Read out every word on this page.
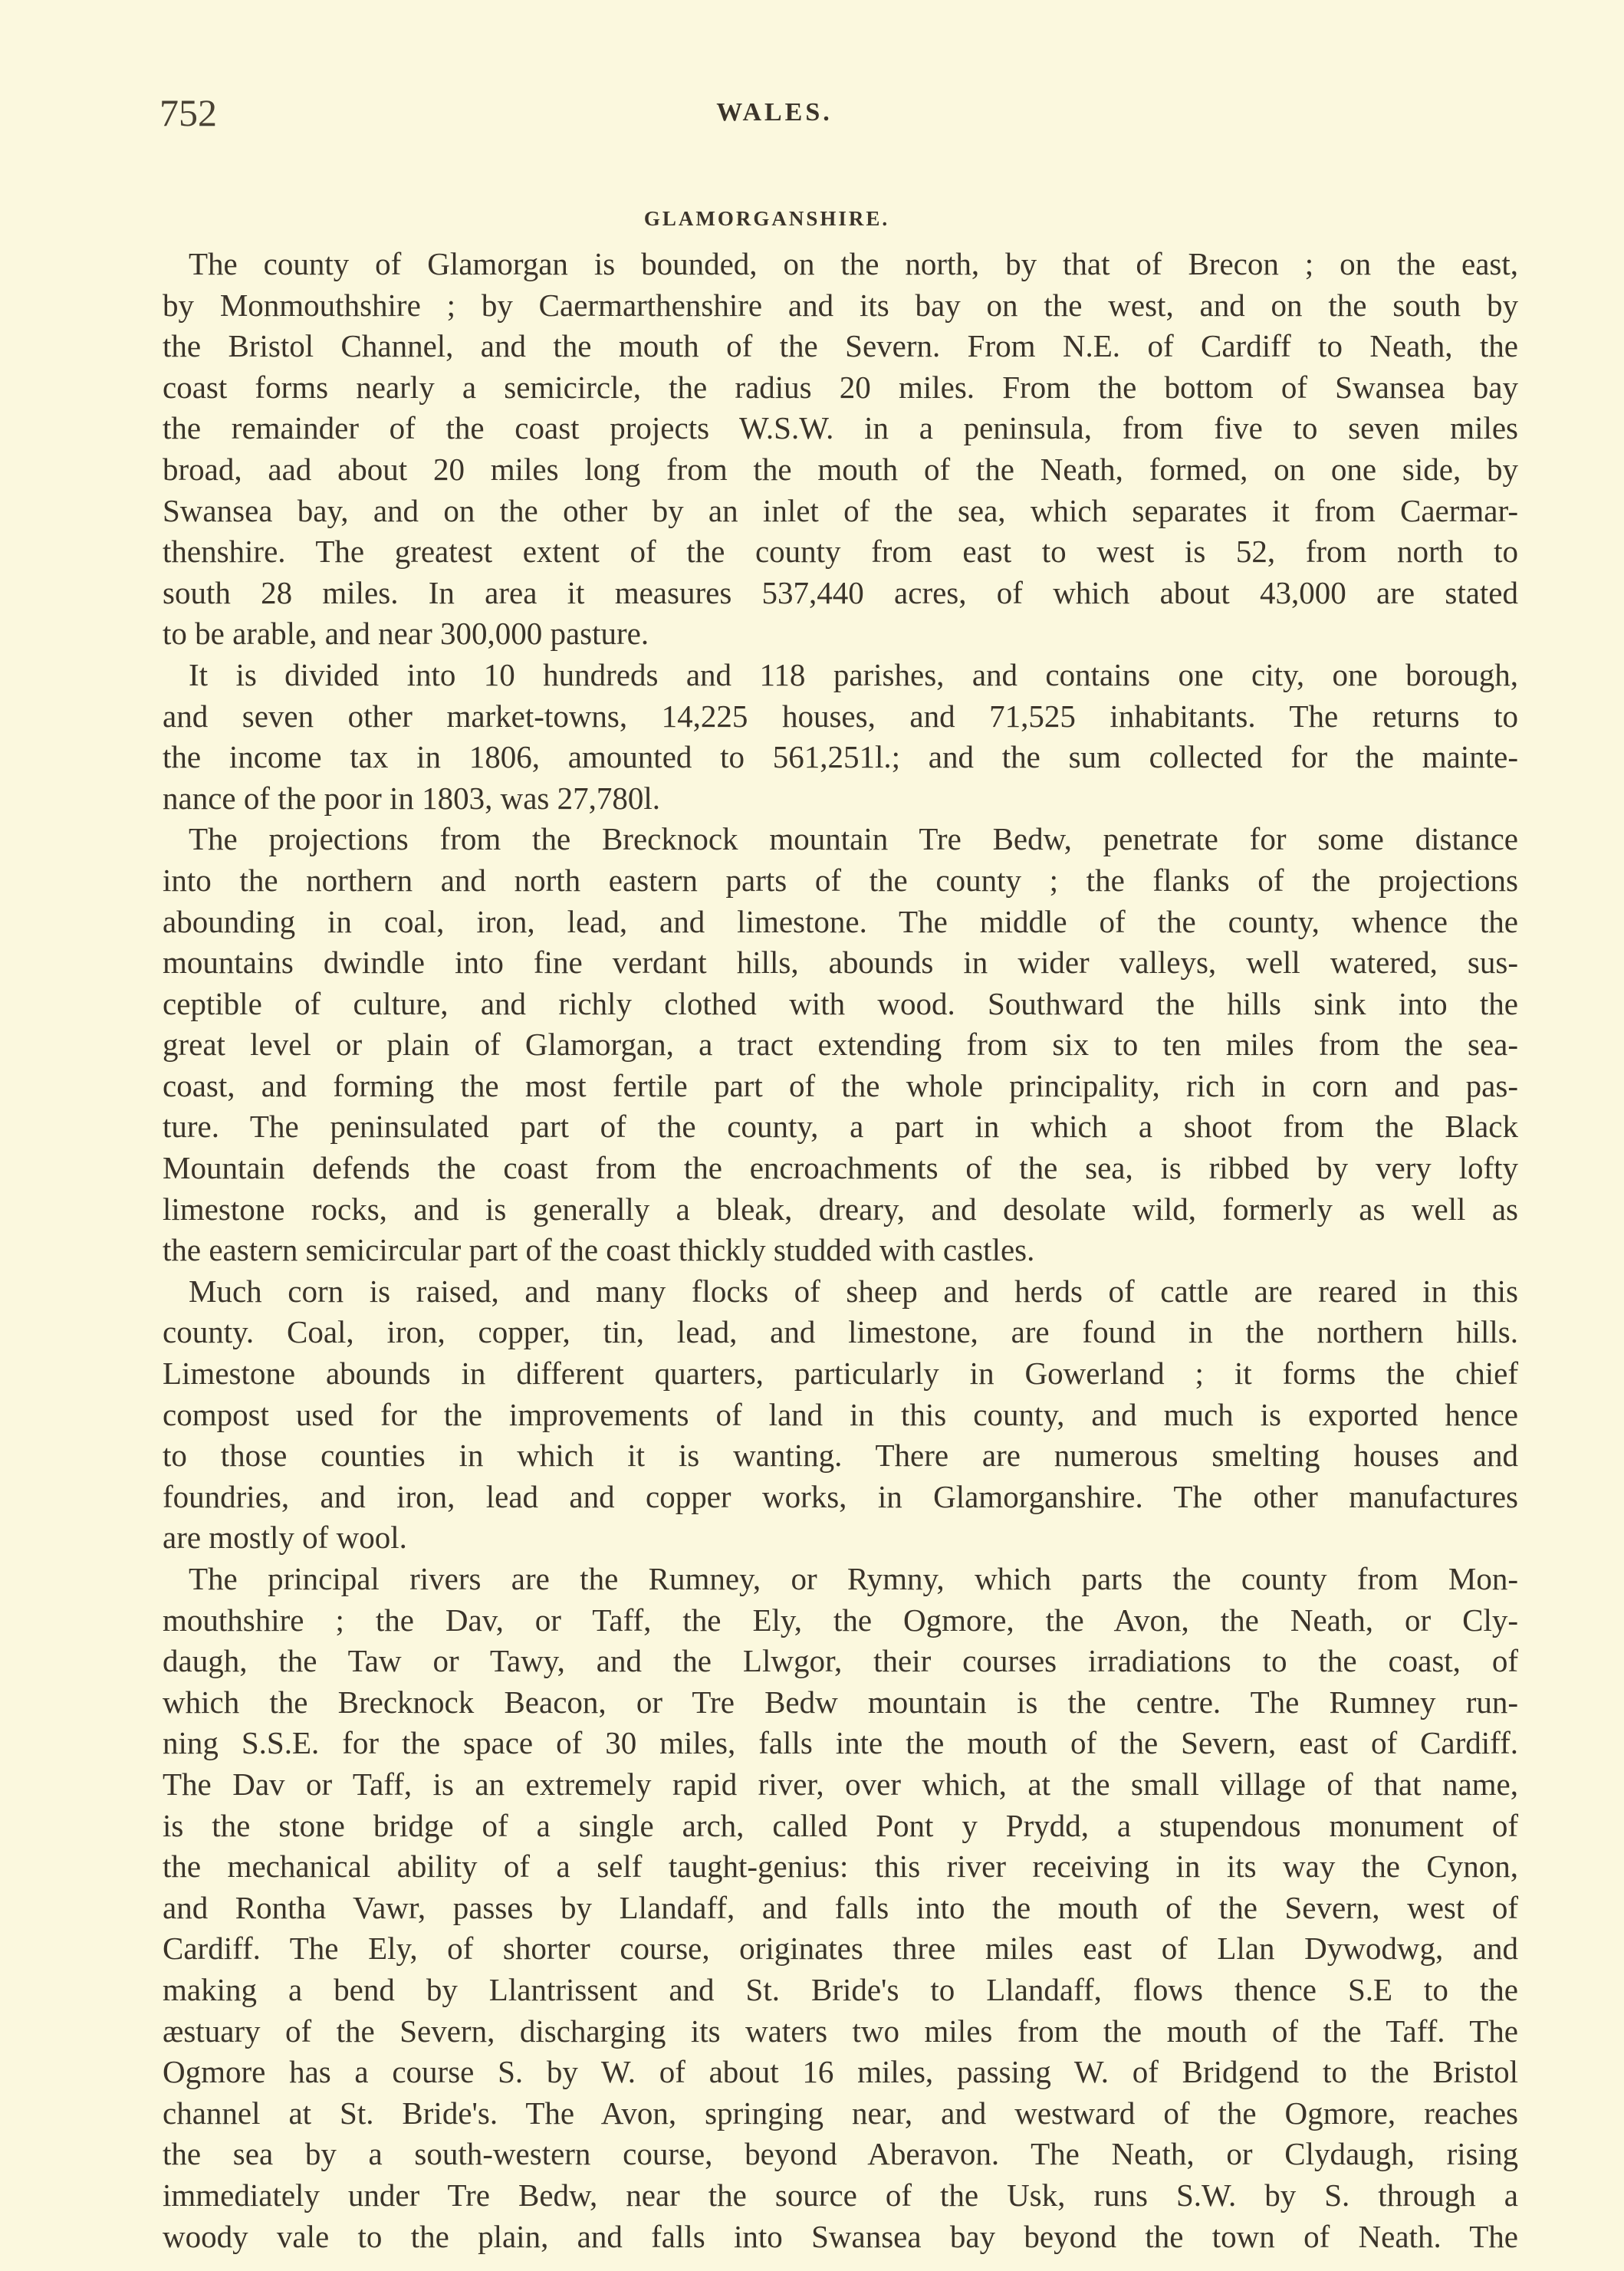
752	WALES.
GLAMORGANSHIRE.
The county of Glamorgan is bounded, on the north, by that of Brecon ; on the east,
by Monmouthshire ; by Caermarthenshire and its bay on the west, and on the south by
the Bristol Channel, and the mouth of the Severn. From N.E. of Cardiff to Neath, the
coast forms nearly a semicircle, the radius 20 miles. From the bottom of Swansea bay
the remainder of the coast projects W.S.W. in a peninsula, from five to seven miles
broad, aad about 20 miles long from the mouth of the Neath, formed, on one side, by
Swansea bay, and on the other by an inlet of the sea, which separates it from Caermar-
thenshire. The greatest extent of the county from east to west is 52, from north to
south 28 miles. In area it measures 537,440 acres, of which about 43,000 are stated
to be arable, and near 300,000 pasture.
It is divided into 10 hundreds and 118 parishes, and contains one city, one borough,
and seven other market-towns, 14,225 houses, and 71,525 inhabitants. The returns to
the income tax in 1806, amounted to 561,251l.; and the sum collected for the mainte-
nance of the poor in 1803, was 27,780l.
The projections from the Brecknock mountain Tre Bedw, penetrate for some distance
into the northern and north eastern parts of the county ; the flanks of the projections
abounding in coal, iron, lead, and limestone. The middle of the county, whence the
mountains dwindle into fine verdant hills, abounds in wider valleys, well watered, sus-
ceptible of culture, and richly clothed with wood. Southward the hills sink into the
great level or plain of Glamorgan, a tract extending from six to ten miles from the sea-
coast, and forming the most fertile part of the whole principality, rich in corn and pas-
ture. The peninsulated part of the county, a part in which a shoot from the Black
Mountain defends the coast from the encroachments of the sea, is ribbed by very lofty
limestone rocks, and is generally a bleak, dreary, and desolate wild, formerly as well as
the eastern semicircular part of the coast thickly studded with castles.
Much corn is raised, and many flocks of sheep and herds of cattle are reared in this
county. Coal, iron, copper, tin, lead, and limestone, are found in the northern hills.
Limestone abounds in different quarters, particularly in Gowerland ; it forms the chief
compost used for the improvements of land in this county, and much is exported hence
to those counties in which it is wanting. There are numerous smelting houses and
foundries, and iron, lead and copper works, in Glamorganshire. The other manufactures
are mostly of wool.
The principal rivers are the Rumney, or Rymny, which parts the county from Mon-
mouthshire ; the Dav, or Taff, the Ely, the Ogmore, the Avon, the Neath, or Cly-
daugh, the Taw or Tawy, and the Llwgor, their courses irradiations to the coast, of
which the Brecknock Beacon, or Tre Bedw mountain is the centre. The Rumney run-
ning S.S.E. for the space of 30 miles, falls inte the mouth of the Severn, east of Cardiff.
The Dav or Taff, is an extremely rapid river, over which, at the small village of that name,
is the stone bridge of a single arch, called Pont y Prydd, a stupendous monument of
the mechanical ability of a self taught-genius: this river receiving in its way the Cynon,
and Rontha Vawr, passes by Llandaff, and falls into the mouth of the Severn, west of
Cardiff. The Ely, of shorter course, originates three miles east of Llan Dywodwg, and
making a bend by Llantrissent and St. Bride's to Llandaff, flows thence S.E to the
æstuary of the Severn, discharging its waters two miles from the mouth of the Taff. The
Ogmore has a course S. by W. of about 16 miles, passing W. of Bridgend to the Bristol
channel at St. Bride's. The Avon, springing near, and westward of the Ogmore, reaches
the sea by a south-western course, beyond Aberavon. The Neath, or Clydaugh, rising
immediately under Tre Bedw, near the source of the Usk, runs S.W. by S. through a
woody vale to the plain, and falls into Swansea bay beyond the town of Neath. The
